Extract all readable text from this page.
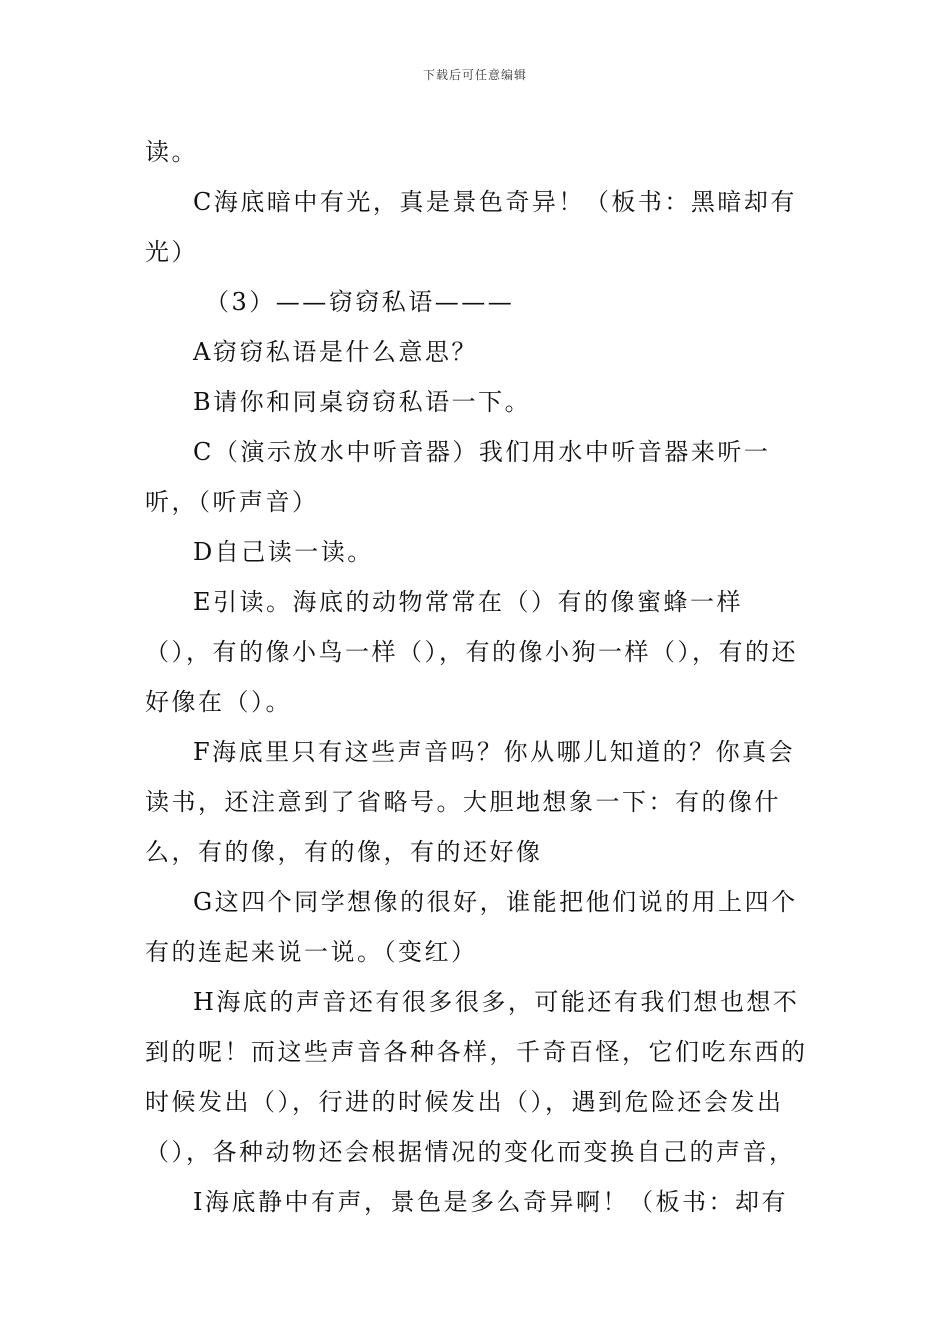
下载后可任意编辑

读。

C海底暗中有光，真是景色奇异！（板书：黑暗却有光）

（3）——窃窃私语———

A窃窃私语是什么意思？

B请你和同桌窃窃私语一下。

C（演示放水中听音器）我们用水中听音器来听一听，（听声音）

D自己读一读。

E引读。海底的动物常常在（）有的像蜜蜂一样（），有的像小鸟一样（），有的像小狗一样（），有的还好像在（）。

F海底里只有这些声音吗？你从哪儿知道的？你真会读书，还注意到了省略号。大胆地想象一下：有的像什么，有的像，有的像，有的还好像

G这四个同学想像的很好，谁能把他们说的用上四个有的连起来说一说。（变红）

H海底的声音还有很多很多，可能还有我们想也想不到的呢！而这些声音各种各样，千奇百怪，它们吃东西的时候发出（），行进的时候发出（），遇到危险还会发出（），各种动物还会根据情况的变化而变换自己的声音，

I海底静中有声，景色是多么奇异啊！（板书：却有
